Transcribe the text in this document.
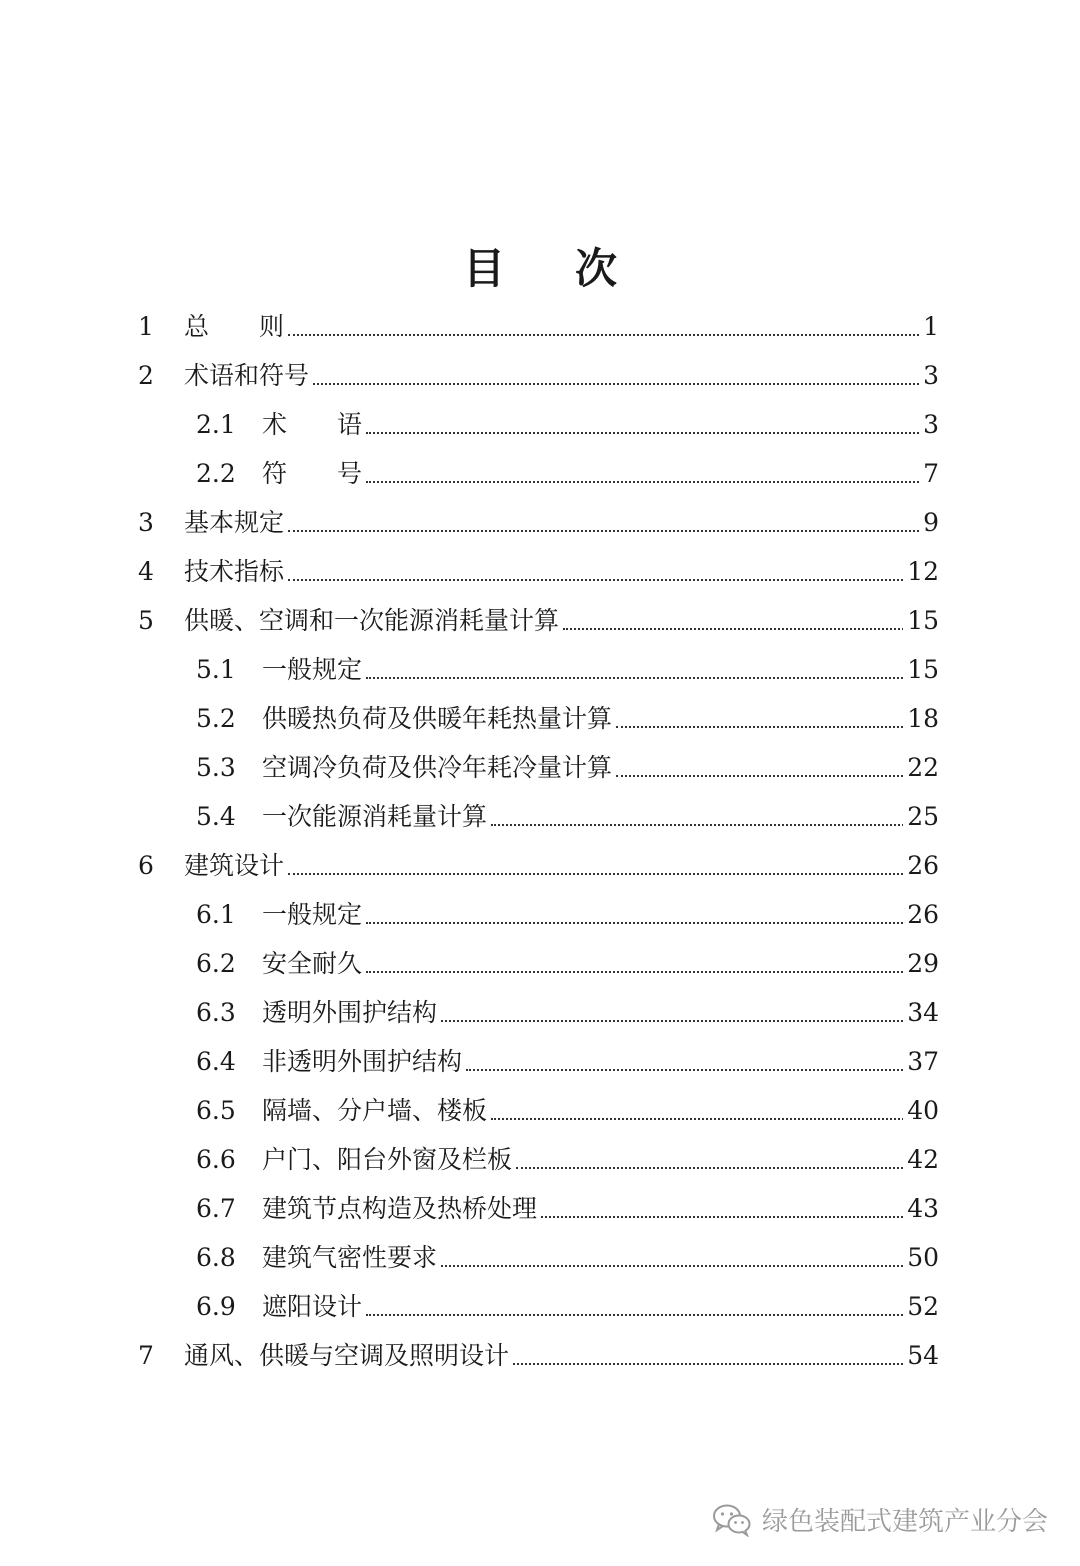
目 次
1 总　　则	1
2 术语和符号	3
2.1 术　　语	3
2.2 符　　号	7
3 基本规定	9
4 技术指标	12
5 供暖、空调和一次能源消耗量计算	15
5.1 一般规定	15
5.2 供暖热负荷及供暖年耗热量计算	18
5.3 空调冷负荷及供冷年耗冷量计算	22
5.4 一次能源消耗量计算	25
6 建筑设计	26
6.1 一般规定	26
6.2 安全耐久	29
6.3 透明外围护结构	34
6.4 非透明外围护结构	37
6.5 隔墙、分户墙、楼板	40
6.6 户门、阳台外窗及栏板	42
6.7 建筑节点构造及热桥处理	43
6.8 建筑气密性要求	50
6.9 遮阳设计	52
7 通风、供暖与空调及照明设计	54
绿色装配式建筑产业分会
